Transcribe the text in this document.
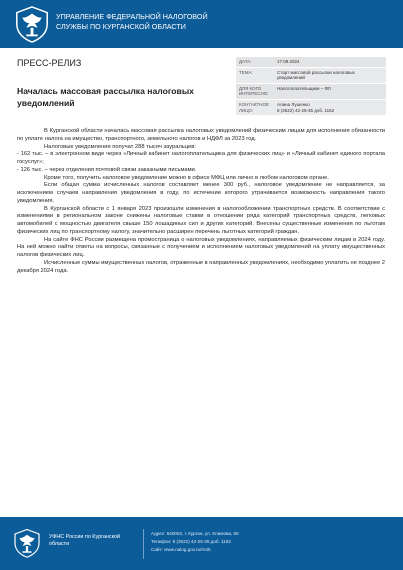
УПРАВЛЕНИЕ ФЕДЕРАЛЬНОЙ НАЛОГОВОЙ
СЛУЖБЫ ПО КУРГАНСКОЙ ОБЛАСТИ
ПРЕСС-РЕЛИЗ
Началась массовая рассылка налоговых уведомлений
ДАТА:	17.09.2024
ТЕМА:	Старт массовой рассылки налоговых
уведомлений
ДЛЯ КОГО ИНТЕРЕСНО:
Налогоплательщики – ФЛ
КОНТАКТНОЕ ЛИЦО:
Алина Лушенко
8 (3522) 42-25-35 доб. 1162

В Курганской области началась массовая рассылка налоговых уведомлений физическим лицам для исполнения обязанности по уплате налога на имущество, транспортного, земельного налогов и НДФЛ за 2023 год.

Налоговые уведомления получат 288 тысяч зауральцев:

- 162 тыс. – в электронном виде через «Личный кабинет налогоплательщика для физических лиц» и «Личный кабинет единого портала госуслуг»;

- 126 тыс. – через отделения почтовой связи заказными письмами.

Кроме того, получить налоговое уведомление можно в офисе МФЦ или лично в любом налоговом органе.

Если общая сумма исчисленных налогов составляет менее 300 руб., налоговое уведомление не направляется, за исключением случаев направления уведомления в году, по истечении которого утрачивается возможность направления такого уведомления.

В Курганской области с 1 января 2023 произошли изменения в налогообложении транспортных средств. В соответствии с изменениями в региональном законе снижены налоговые ставки в отношении ряда категорий транспортных средств, легковых автомобилей с мощностью двигателя свыше 150 лошадиных сил и других категорий. Внесены существенные изменения по льготам физических лиц по транспортному налогу, значительно расширен перечень льготных категорий граждан.

На сайте ФНС России размещена промостраница о налоговых уведомлениях, направляемых физическим лицам в 2024 году. На ней можно найти ответы на вопросы, связанные с получением и исполнением налоговых уведомлений на уплату имущественных налогов физических лиц.

Исчисленные суммы имущественных налогов, отраженные в направленных уведомлениях, необходимо уплатить не позднее 2 декабря 2024 года.

УФНС России по Курганской области
Адрес: 640002, г. Курган, ул. Климова, 60
Телефон: 8 (3522) 42-25-35 доб. 1162
Сайт: www.nalog.gov.ru/rn45
